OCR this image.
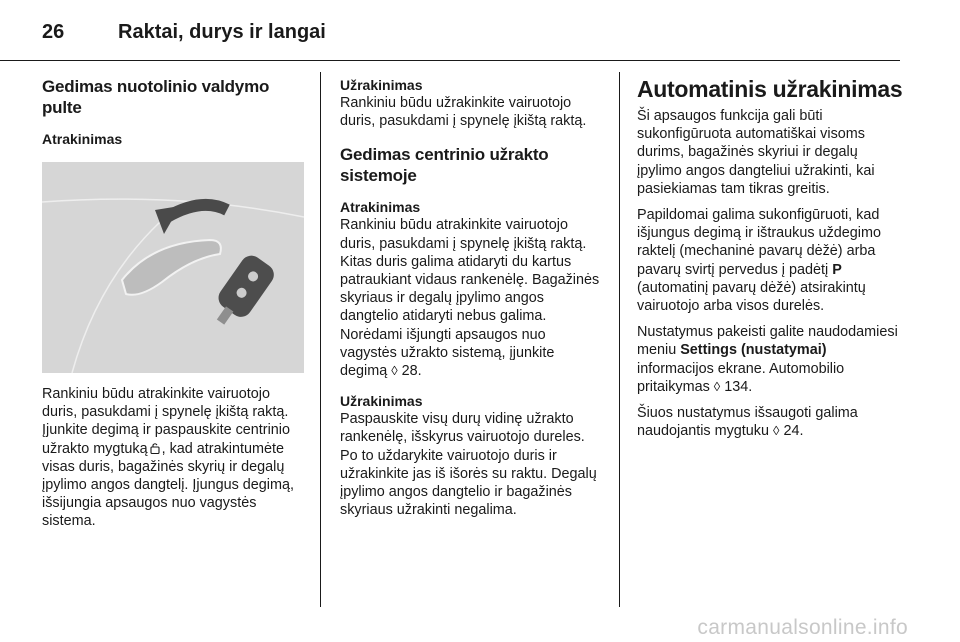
26	Raktai, durys ir langai
Gedimas nuotolinio valdymo pulte
Atrakinimas
Rankiniu būdu atrakinkite vairuotojo duris, pasukdami į spynelę įkištą raktą. Įjunkite degimą ir paspauskite centrinio užrakto mygtuką , kad atrakintumėte visas duris, bagažinės skyrių ir degalų įpylimo angos dangtelį. Įjungus degimą, išsijungia apsaugos nuo vagystės sistema.
Užrakinimas
Rankiniu būdu užrakinkite vairuotojo duris, pasukdami į spynelę įkištą raktą.
Gedimas centrinio užrakto sistemoje
Atrakinimas
Rankiniu būdu atrakinkite vairuotojo duris, pasukdami į spynelę įkištą raktą. Kitas duris galima atidaryti du kartus patraukiant vidaus rankenėlę. Bagažinės skyriaus ir degalų įpylimo angos dangtelio atidaryti nebus galima. Norėdami išjungti apsaugos nuo vagystės užrakto sistemą, įjunkite degimą ◊ 28.
Užrakinimas
Paspauskite visų durų vidinę užrakto rankenėlę, išskyrus vairuotojo dureles. Po to uždarykite vairuotojo duris ir užrakinkite jas iš išorės su raktu. Degalų įpylimo angos dangtelio ir bagažinės skyriaus užrakinti negalima.
Automatinis užrakinimas
Ši apsaugos funkcija gali būti sukonfigūruota automatiškai visoms durims, bagažinės skyriui ir degalų įpylimo angos dangteliui užrakinti, kai pasiekiamas tam tikras greitis.
Papildomai galima sukonfigūruoti, kad išjungus degimą ir ištraukus uždegimo raktelį (mechaninė pavarų dėžė) arba pavarų svirtį pervedus į padėtį P (automatinį pavarų dėžė) atsirakintų vairuotojo arba visos durelės.
Nustatymus pakeisti galite naudodamiesi meniu Settings (nustatymai) informacijos ekrane. Automobilio pritaikymas ◊ 134.
Šiuos nustatymus išsaugoti galima naudojantis mygtuku ◊ 24.
carmanualsonline.info
